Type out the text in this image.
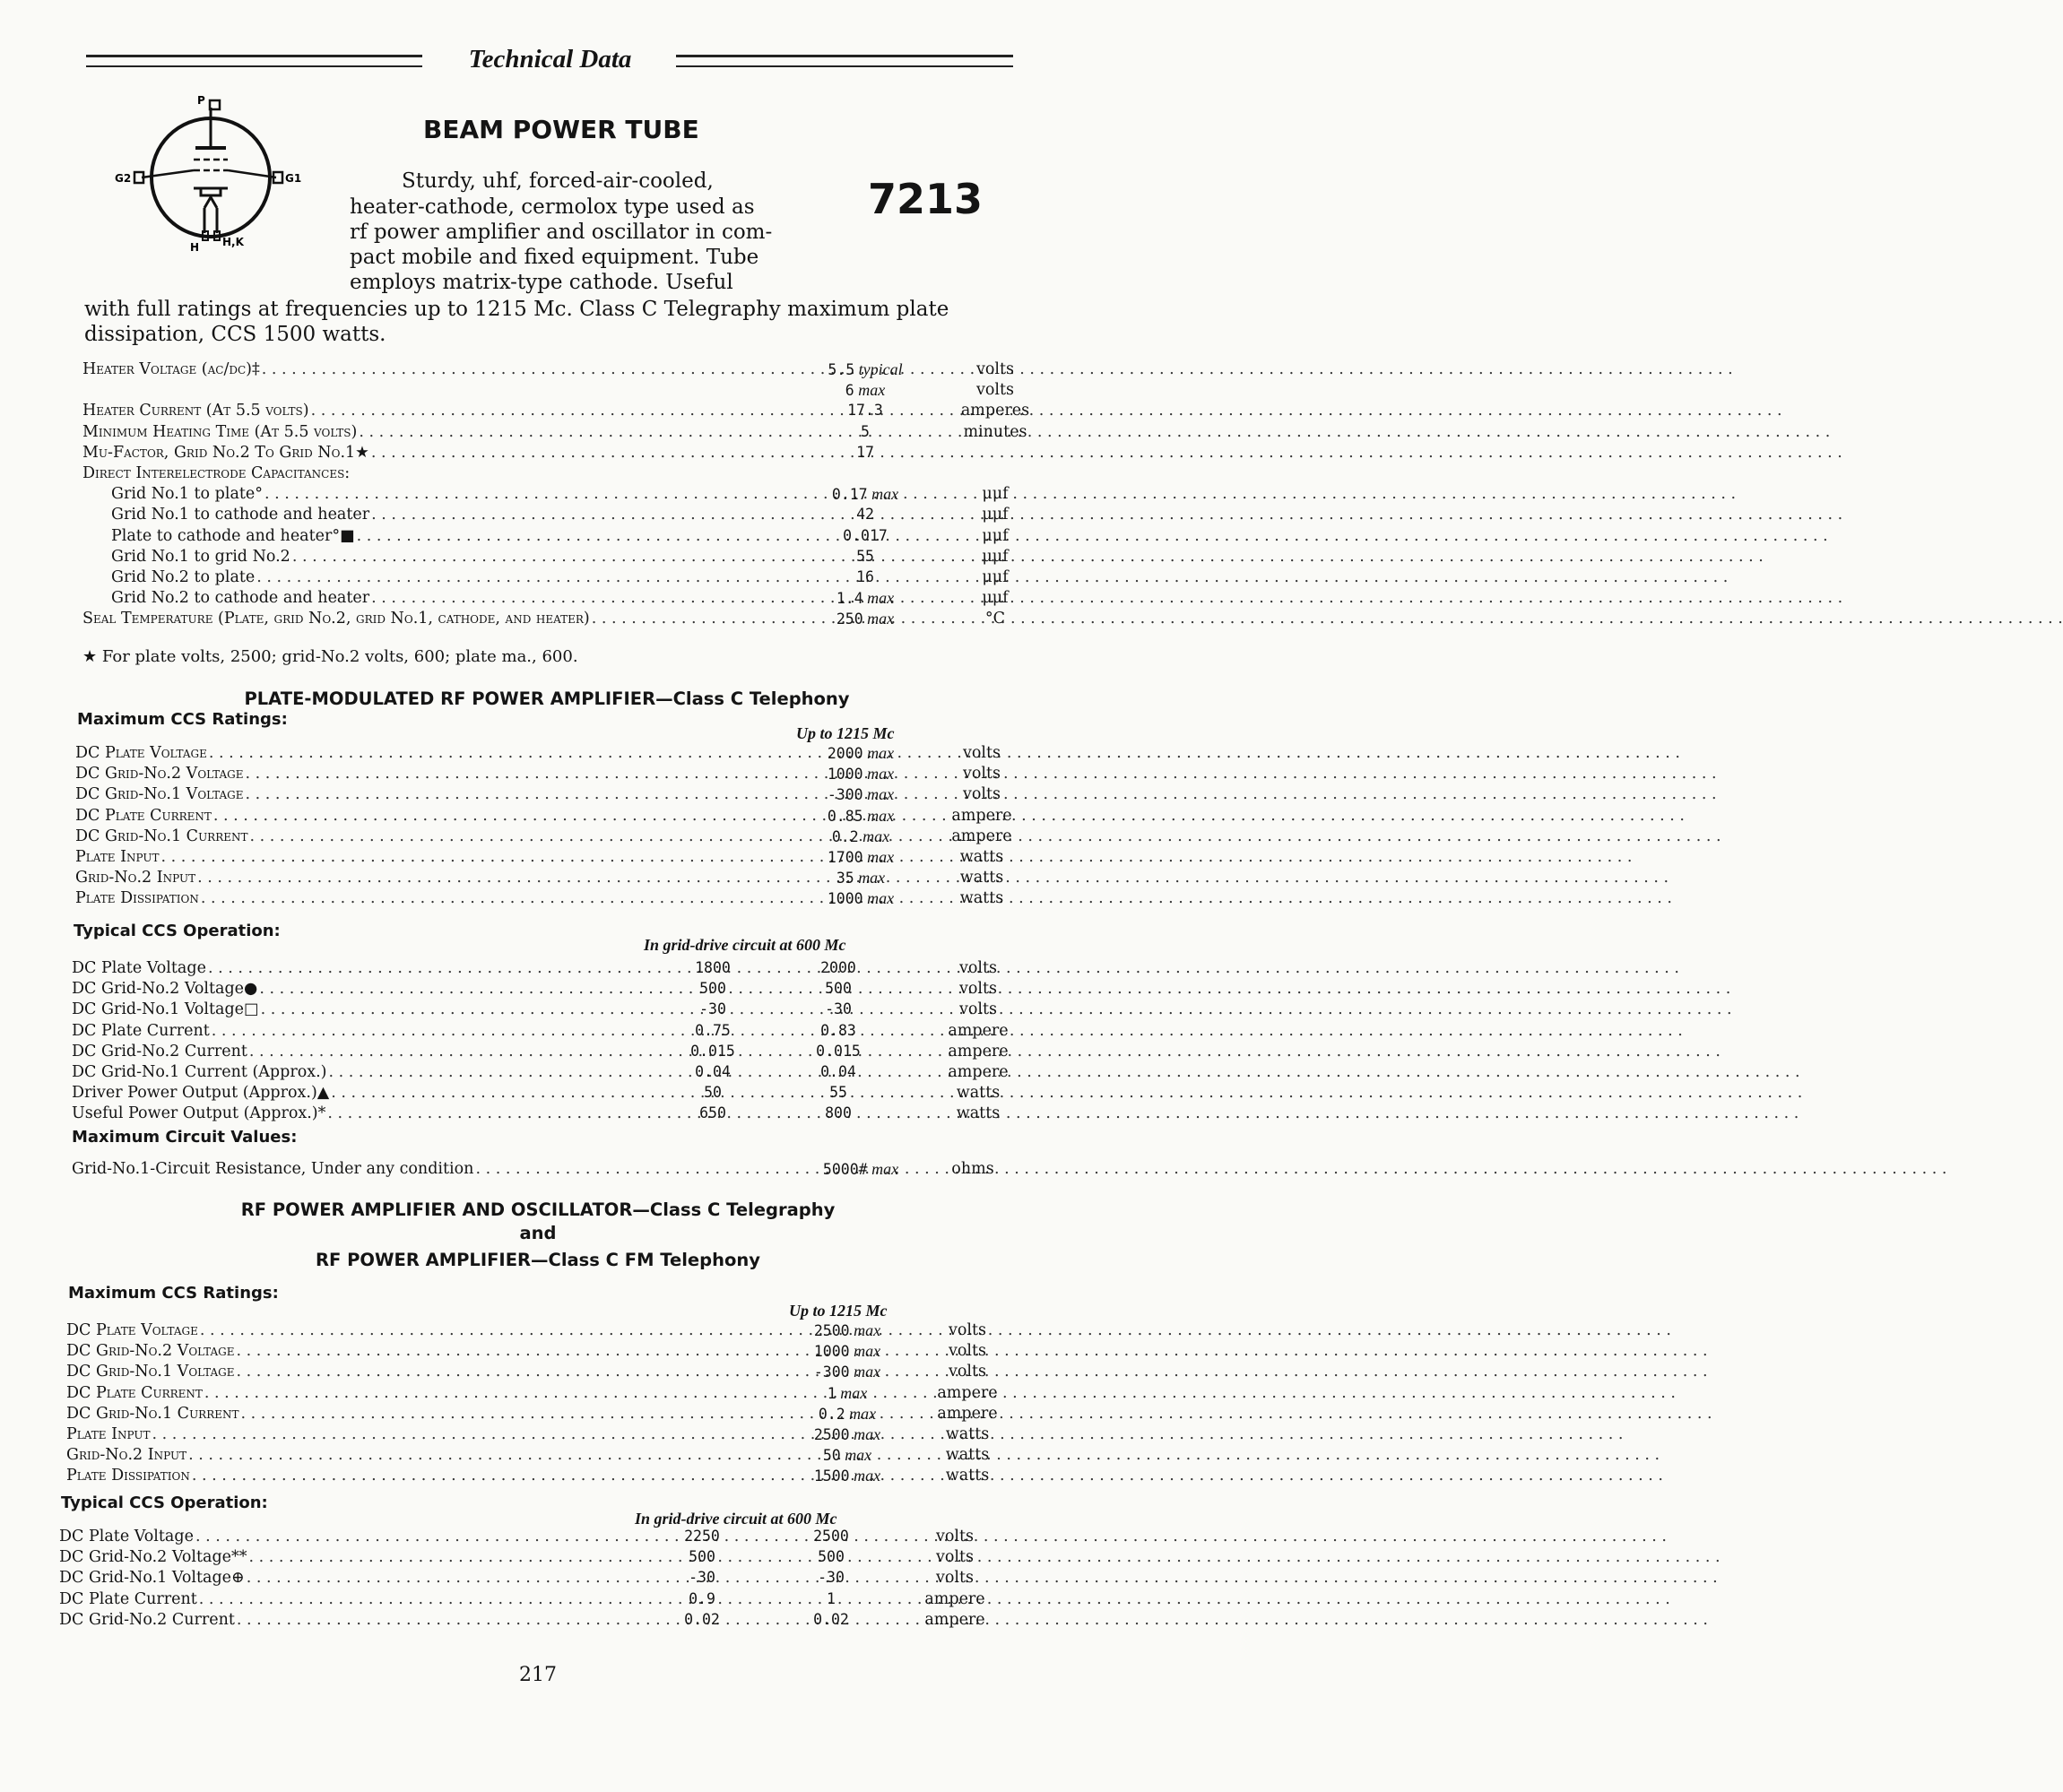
Technical Data
P
G2	G1
H H,K
BEAM POWER TUBE
7213
Sturdy, uhf, forced-air-cooled,
heater-cathode, cermolox type used as
rf power amplifier and oscillator in com-
pact mobile and fixed equipment. Tube
employs matrix-type cathode. Useful
with full ratings at frequencies up to 1215 Mc. Class C Telegraphy maximum plate
dissipation, CCS 1500 watts.
Heater Voltage (ac/dc)‡ . . .	5.5 typical	volts
6 max	volts
Heater Current (At 5.5 volts) . . .	17.3	amperes
Minimum Heating Time (At 5.5 volts) . . .	5	minutes
Mu-Factor, Grid No.2 To Grid No.1★ . . .	17
Direct Interelectrode Capacitances:
Grid No.1 to plate° . . .	0.17 max	μμf
Grid No.1 to cathode and heater . . .	42	μμf
Plate to cathode and heater°■ . . .	0.017	μμf
Grid No.1 to grid No.2 . . .	55	μμf
Grid No.2 to plate . . .	16	μμf
Grid No.2 to cathode and heater . . .	1.4 max	μμf
Seal Temperature (Plate, grid No.2, grid No.1, cathode, and heater) . . .	250 max	°C
★ For plate volts, 2500; grid-No.2 volts, 600; plate ma., 600.
PLATE-MODULATED RF POWER AMPLIFIER—Class C Telephony
Maximum CCS Ratings:
Up to 1215 Mc
DC Plate Voltage . . .	2000 max	volts
DC Grid-No.2 Voltage . . .	1000 max	volts
DC Grid-No.1 Voltage . . .	-300 max	volts
DC Plate Current . . .	0.85 max	ampere
DC Grid-No.1 Current . . .	0.2 max	ampere
Plate Input . . .	1700 max	watts
Grid-No.2 Input . . .	35 max	watts
Plate Dissipation . . .	1000 max	watts
Typical CCS Operation:
In grid-drive circuit at 600 Mc
DC Plate Voltage . . .	1800	2000	volts
DC Grid-No.2 Voltage● . . .	500	500	volts
DC Grid-No.1 Voltage□ . . .	-30	-30	volts
DC Plate Current . . .	0.75	0.83	ampere
DC Grid-No.2 Current . . .	0.015	0.015	ampere
DC Grid-No.1 Current (Approx.) . . .	0.04	0.04	ampere
Driver Power Output (Approx.)▲ . . .	50	55	watts
Useful Power Output (Approx.)* . . .	650	800	watts
Maximum Circuit Values:
Grid-No.1-Circuit Resistance, Under any condition . . .	5000# max	ohms
RF POWER AMPLIFIER AND OSCILLATOR—Class C Telegraphy
and
RF POWER AMPLIFIER—Class C FM Telephony
Maximum CCS Ratings:
Up to 1215 Mc
DC Plate Voltage . . .	2500 max	volts
DC Grid-No.2 Voltage . . .	1000 max	volts
DC Grid-No.1 Voltage . . .	-300 max	volts
DC Plate Current . . .	1 max	ampere
DC Grid-No.1 Current . . .	0.2 max	ampere
Plate Input . . .	2500 max	watts
Grid-No.2 Input . . .	50 max	watts
Plate Dissipation . . .	1500 max	watts
Typical CCS Operation:
In grid-drive circuit at 600 Mc
DC Plate Voltage . . .	2250	2500	volts
DC Grid-No.2 Voltage** . . .	500	500	volts
DC Grid-No.1 Voltage⊕ . . .	-30	-30	volts
DC Plate Current . . .	0.9	1	ampere
DC Grid-No.2 Current . . .	0.02	0.02	ampere
217
